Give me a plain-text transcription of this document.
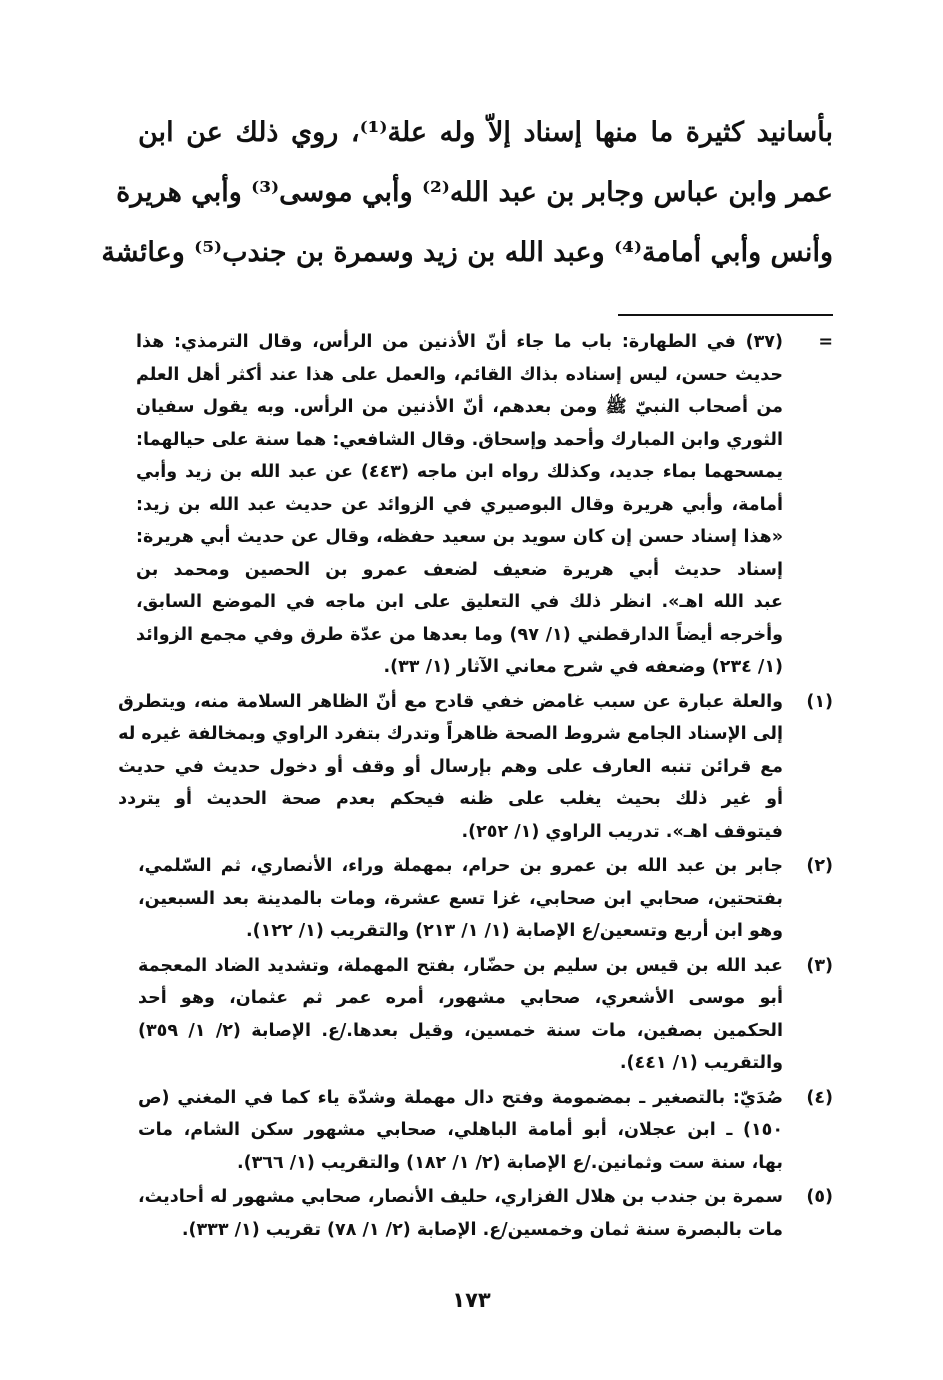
بأسانيد كثيرة ما منها إسناد إلاّ وله علة⁽¹⁾، روي ذلك عن ابن
عمر وابن عباس وجابر بن عبد الله⁽²⁾ وأبي موسى⁽³⁾ وأبي هريرة
وأنس وأبي أمامة⁽⁴⁾ وعبد الله بن زيد وسمرة بن جندب⁽⁵⁾ وعائشة
=
(٣٧) في الطهارة: باب ما جاء أنّ الأذنين من الرأس، وقال الترمذي: هذا
حديث حسن، ليس إسناده بذاك القائم، والعمل على هذا عند أكثر أهل العلم
من أصحاب النبيّ ﷺ ومن بعدهم، أنّ الأذنين من الرأس. وبه يقول سفيان
الثوري وابن المبارك وأحمد وإسحاق. وقال الشافعي: هما سنة على حيالهما:
يمسحهما بماء جديد، وكذلك رواه ابن ماجه (٤٤٣) عن عبد الله بن زيد وأبي
أمامة، وأبي هريرة وقال البوصيري في الزوائد عن حديث عبد الله بن زيد:
«هذا إسناد حسن إن كان سويد بن سعيد حفظه، وقال عن حديث أبي هريرة:
إسناد حديث أبي هريرة ضعيف لضعف عمرو بن الحصين ومحمد بن
عبد الله اهـ». انظر ذلك في التعليق على ابن ماجه في الموضع السابق،
وأخرجه أيضاً الدارقطني (١/ ٩٧) وما بعدها من عدّة طرق وفي مجمع الزوائد
(١/ ٢٣٤) وضعفه في شرح معاني الآثار (١/ ٣٣).
(١)
والعلة عبارة عن سبب غامض خفي قادح مع أنّ الظاهر السلامة منه، ويتطرق
إلى الإسناد الجامع شروط الصحة ظاهراً وتدرك بتفرد الراوي وبمخالفة غيره له
مع قرائن تنبه العارف على وهم بإرسال أو وقف أو دخول حديث في حديث
أو غير ذلك بحيث يغلب على ظنه فيحكم بعدم صحة الحديث أو يتردد
فيتوقف اهـ». تدريب الراوي (١/ ٢٥٢).
(٢)
جابر بن عبد الله بن عمرو بن حرام، بمهملة وراء، الأنصاري، ثم السّلمي،
بفتحتين، صحابي ابن صحابي، غزا تسع عشرة، ومات بالمدينة بعد السبعين،
وهو ابن أربع وتسعين/ع الإصابة (١/ ١/ ٢١٣) والتقريب (١/ ١٢٢).
(٣)
عبد الله بن قيس بن سليم بن حضّار، بفتح المهملة، وتشديد الضاد المعجمة
أبو موسى الأشعري، صحابي مشهور، أمره عمر ثم عثمان، وهو أحد
الحكمين بصفين، مات سنة خمسين، وقيل بعدها./ع. الإصابة (٢/ ١/ ٣٥٩)
والتقريب (١/ ٤٤١).
(٤)
صُدَيّ: بالتصغير ـ بمضمومة وفتح دال مهملة وشدّة ياء كما في المغني (ص
١٥٠) ـ ابن عجلان، أبو أمامة الباهلي، صحابي مشهور سكن الشام، مات
بها، سنة ست وثمانين./ع الإصابة (٢/ ١/ ١٨٢) والتقريب (١/ ٣٦٦).
(٥)
سمرة بن جندب بن هلال الفزاري، حليف الأنصار، صحابي مشهور له أحاديث،
مات بالبصرة سنة ثمان وخمسين/ع. الإصابة (٢/ ١/ ٧٨) تقريب (١/ ٣٣٣).
١٧٣
